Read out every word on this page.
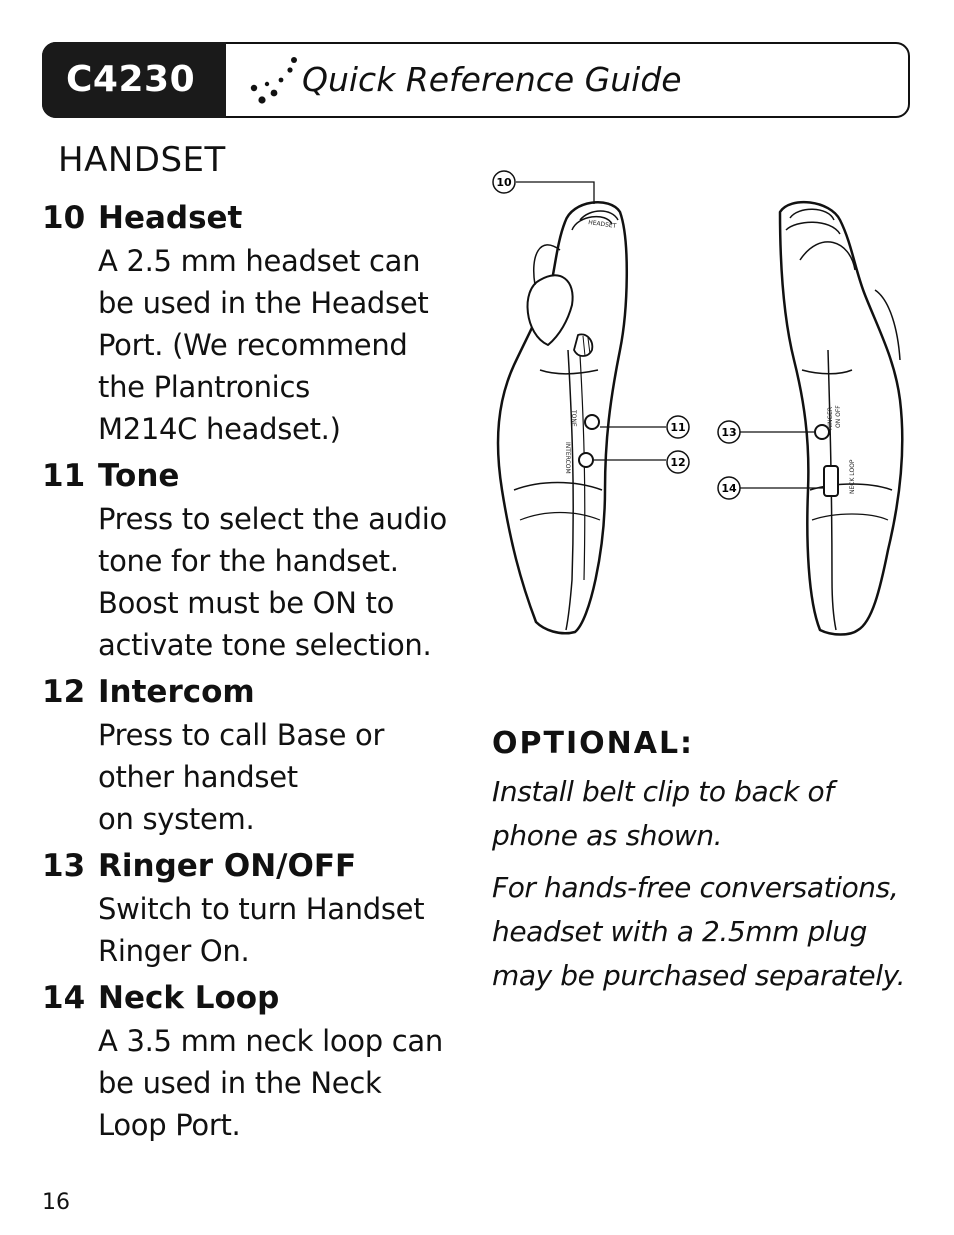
C4230	Quick Reference Guide
HANDSET
10 Headset
A 2.5 mm headset can
be used in the Headset
Port. (We recommend
the Plantronics
M214C headset.)
11 Tone
Press to select the audio
tone for the handset.
Boost must be ON to
activate tone selection.
12 Intercom
Press to call Base or
other handset
on system.
13 Ringer ON/OFF
Switch to turn Handset
Ringer On.
14 Neck Loop
A 3.5 mm neck loop can
be used in the Neck
Loop Port.
16
HEADSET
TONE
INTERCOM
RINGER ON OFF
NECK LOOP
10
11
12
13
14
OPTIONAL:

Install belt clip to back of
phone as shown.

For hands-free conversations,
headset with a 2.5mm plug
may be purchased separately.
